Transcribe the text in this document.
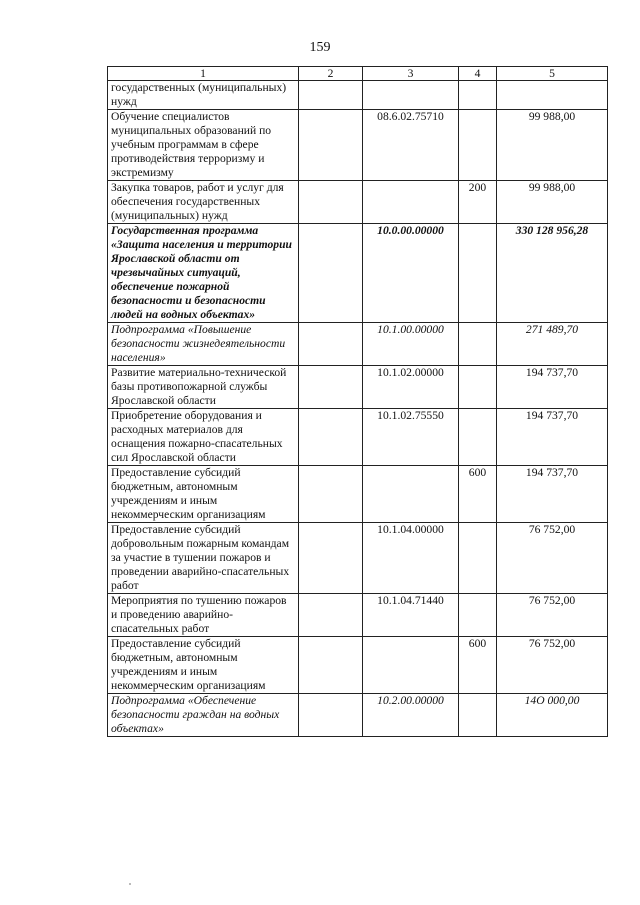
159
1	2	3	4	5
государственных (муниципальных) нужд				
Обучение специалистов муниципальных образований по учебным программам в сфере противодействия терроризму и экстремизму		08.6.02.75710		99 988,00
Закупка товаров, работ и услуг для обеспечения государственных (муниципальных) нужд			200	99 988,00
Государственная программа «Защита населения и территории Ярославской области от чрезвычайных ситуаций, обеспечение пожарной безопасности и безопасности людей на водных объектах»		10.0.00.00000		330 128 956,28
Подпрограмма «Повышение безопасности жизнедеятельности населения»		10.1.00.00000		271 489,70
Развитие материально-технической базы противопожарной службы Ярославской области		10.1.02.00000		194 737,70
Приобретение оборудования и расходных материалов для оснащения пожарно-спасательных сил Ярославской области		10.1.02.75550		194 737,70
Предоставление субсидий бюджетным, автономным учреждениям и иным некоммерческим организациям			600	194 737,70
Предоставление субсидий добровольным пожарным командам за участие в тушении пожаров и проведении аварийно-спасательных работ		10.1.04.00000		76 752,00
Мероприятия по тушению пожаров и проведению аварийно-спасательных работ		10.1.04.71440		76 752,00
Предоставление субсидий бюджетным, автономным учреждениям и иным некоммерческим организациям			600	76 752,00
Подпрограмма «Обеспечение безопасности граждан на водных объектах»		10.2.00.00000		14О 000,00
